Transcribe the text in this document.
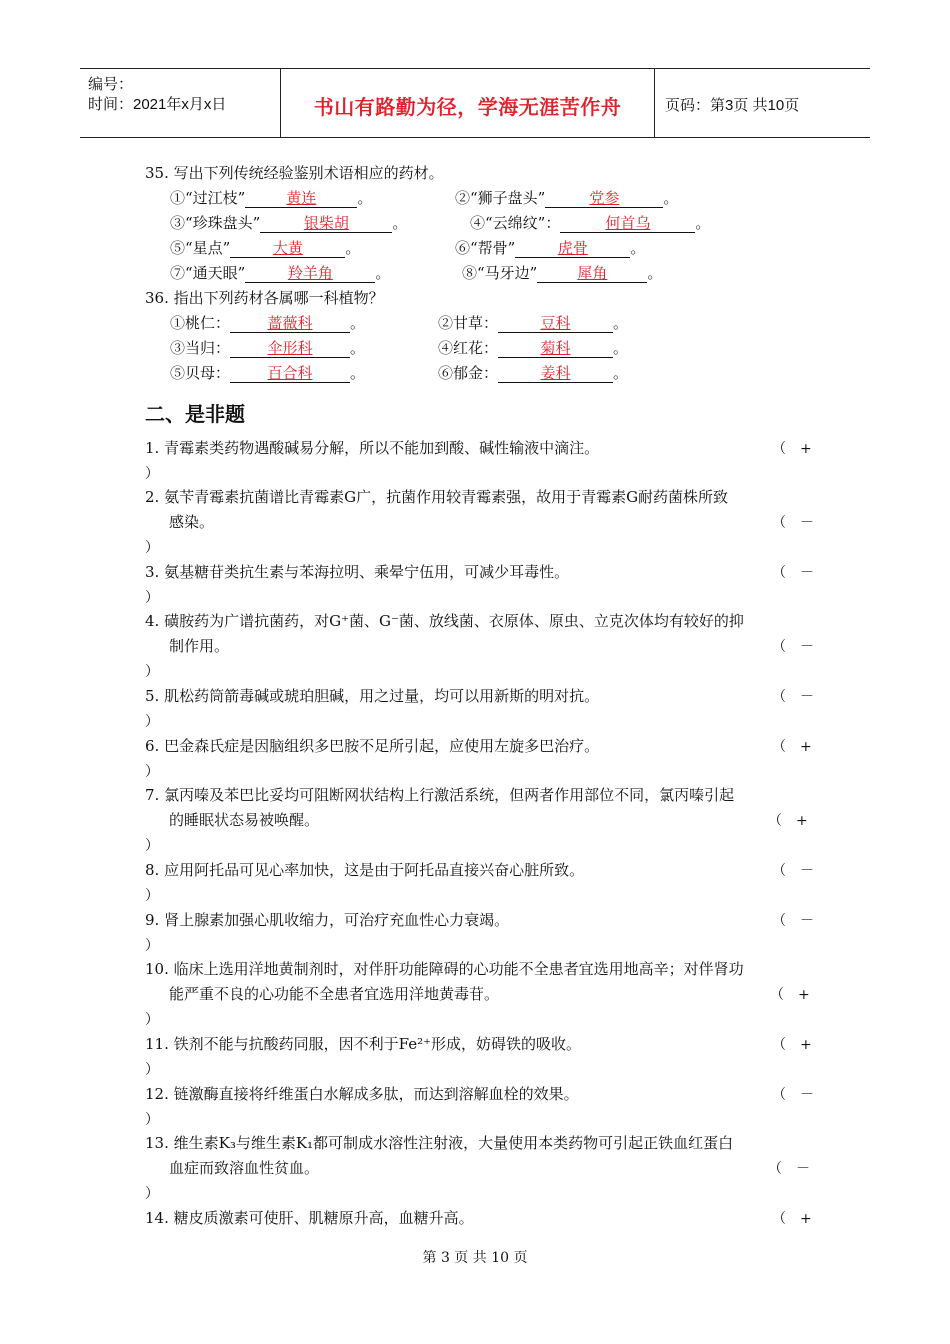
编号：
时间：2021年x月x日	书山有路勤为径，学海无涯苦作舟	页码：第3页 共10页
35. 写出下列传统经验鉴别术语相应的药材。
①“过江枝”	黄连	。	②“狮子盘头”	党参	。
③“珍珠盘头”	银柴胡	。	④“云绵纹”：	何首乌	。
⑤“星点”	大黄	。	⑥“帮骨”	虎骨	。
⑦“通天眼”	羚羊角	。	⑧“马牙边”	犀角	。
36. 指出下列药材各属哪一科植物？
①桃仁： 蔷薇科	。	②甘草：	豆科	。
③当归： 伞形科	。	④红花：	菊科	。
⑤贝母： 百合科	。	⑥郁金：	姜科	。
二、是非题
1. 青霉素类药物遇酸碱易分解，所以不能加到酸、碱性输液中滴注。	（　+
）
2. 氨苄青霉素抗菌谱比青霉素G广，抗菌作用较青霉素强，故用于青霉素G耐药菌株所致
感染。	（　－
）
3. 氨基糖苷类抗生素与苯海拉明、乘晕宁伍用，可减少耳毒性。	（　－
）
4. 磺胺药为广谱抗菌药，对G⁺菌、G⁻菌、放线菌、衣原体、原虫、立克次体均有较好的抑
制作用。	（　－
）
5. 肌松药筒箭毒碱或琥珀胆碱，用之过量，均可以用新斯的明对抗。	（　－
）
6. 巴金森氏症是因脑组织多巴胺不足所引起，应使用左旋多巴治疗。	（　+
）
7. 氯丙嗪及苯巴比妥均可阻断网状结构上行激活系统，但两者作用部位不同，氯丙嗪引起
的睡眠状态易被唤醒。	（　+
）
8. 应用阿托品可见心率加快，这是由于阿托品直接兴奋心脏所致。	（　－
）
9. 肾上腺素加强心肌收缩力，可治疗充血性心力衰竭。	（　－
）
10. 临床上选用洋地黄制剂时，对伴肝功能障碍的心功能不全患者宜选用地高辛；对伴肾功
能严重不良的心功能不全患者宜选用洋地黄毒苷。	（　+
）
11. 铁剂不能与抗酸药同服，因不利于Fe²⁺形成，妨碍铁的吸收。	（　+
）
12. 链激酶直接将纤维蛋白水解成多肽，而达到溶解血栓的效果。	（　－
）
13. 维生素K₃与维生素K₁都可制成水溶性注射液，大量使用本类药物可引起正铁血红蛋白
血症而致溶血性贫血。	（　－
）
14. 糖皮质激素可使肝、肌糖原升高，血糖升高。	（　+
第 3 页 共 10 页
